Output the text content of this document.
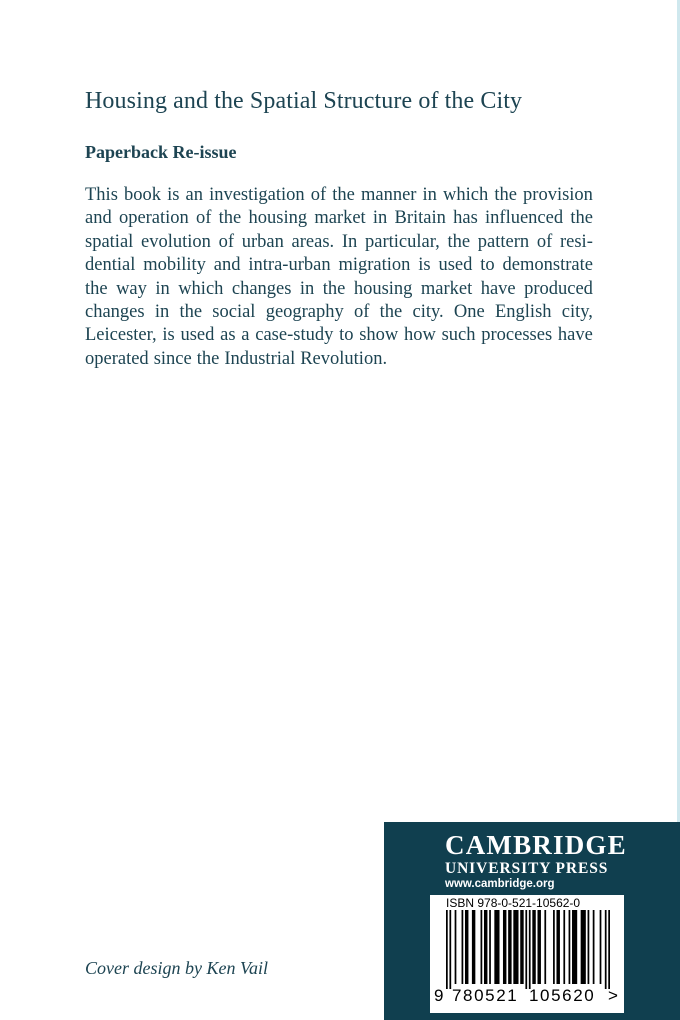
Housing and the Spatial Structure of the City
Paperback Re-issue
This book is an investigation of the manner in which the provision
and operation of the housing market in Britain has influenced the
spatial evolution of urban areas. In particular, the pattern of resi-
dential mobility and intra-urban migration is used to demonstrate
the way in which changes in the housing market have produced
changes in the social geography of the city. One English city,
Leicester, is used as a case-study to show how such processes have
operated since the Industrial Revolution.
Cover design by Ken Vail
CAMBRIDGE
UNIVERSITY PRESS
www.cambridge.org
ISBN 978-0-521-10562-0
9 780521 105620 >
